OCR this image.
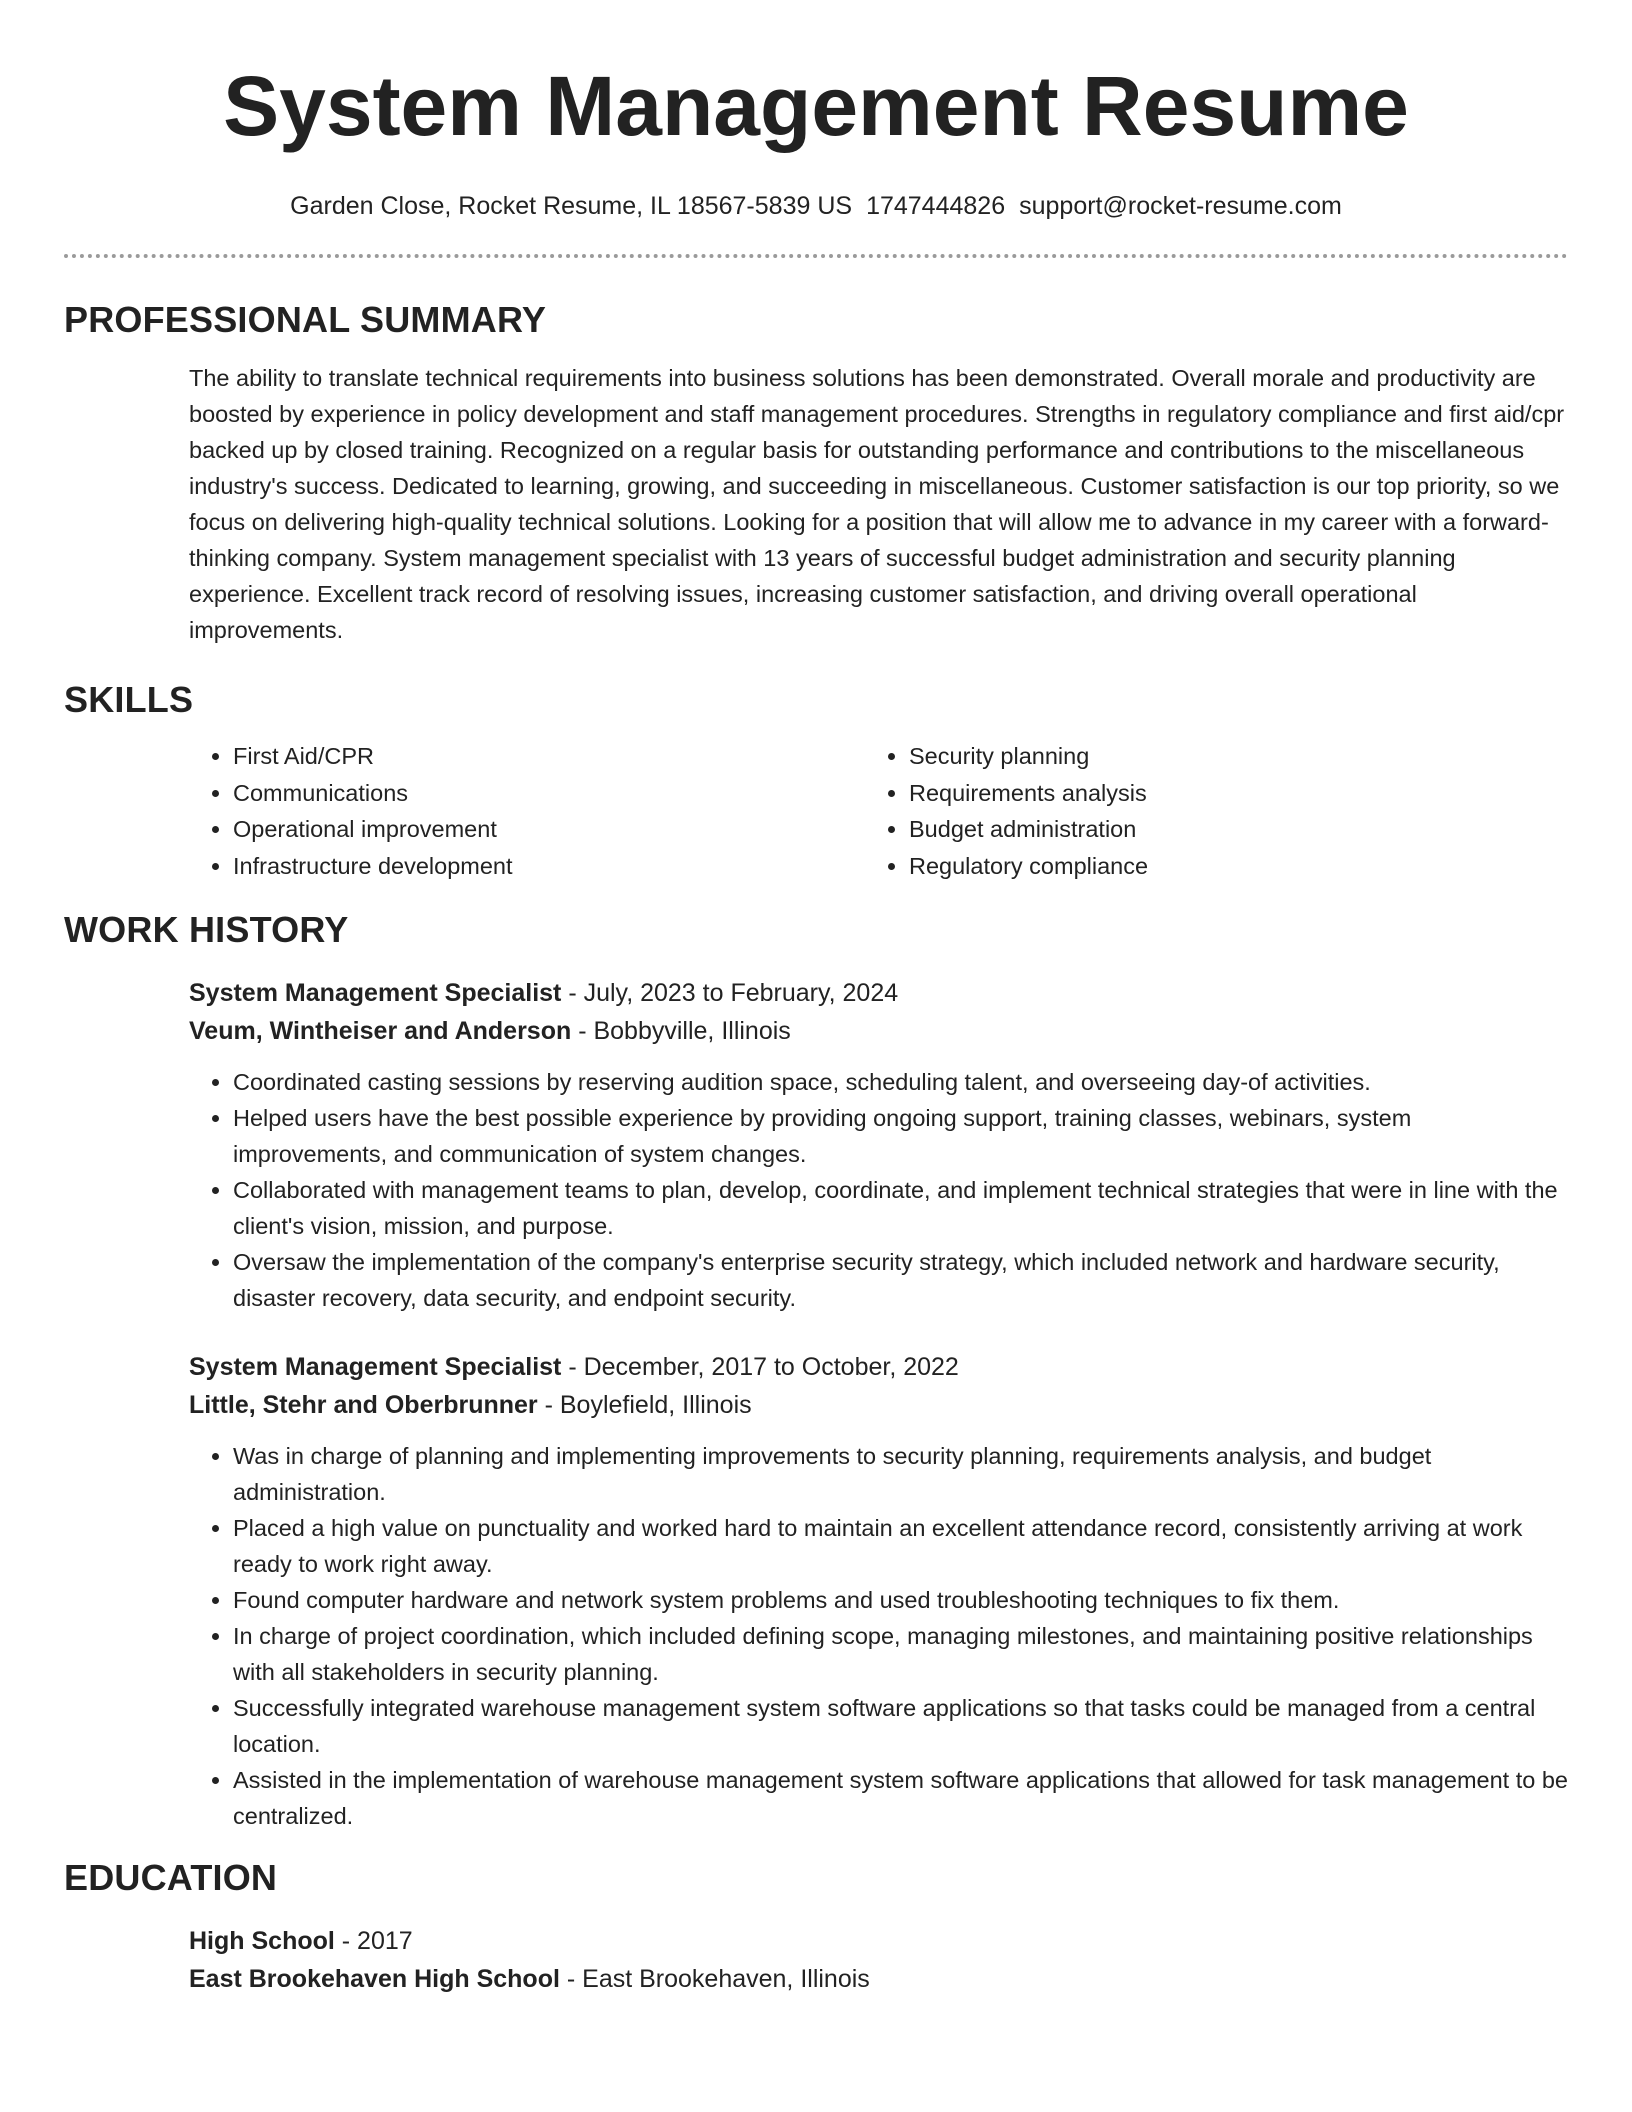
System Management Resume
Garden Close, Rocket Resume, IL 18567-5839 US 1747444826 support@rocket-resume.com
PROFESSIONAL SUMMARY
The ability to translate technical requirements into business solutions has been demonstrated. Overall morale and productivity are boosted by experience in policy development and staff management procedures. Strengths in regulatory compliance and first aid/cpr backed up by closed training. Recognized on a regular basis for outstanding performance and contributions to the miscellaneous industry's success. Dedicated to learning, growing, and succeeding in miscellaneous. Customer satisfaction is our top priority, so we focus on delivering high-quality technical solutions. Looking for a position that will allow me to advance in my career with a forward-thinking company. System management specialist with 13 years of successful budget administration and security planning experience. Excellent track record of resolving issues, increasing customer satisfaction, and driving overall operational improvements.
SKILLS
• First Aid/CPR
• Communications
• Operational improvement
• Infrastructure development
• Security planning
• Requirements analysis
• Budget administration
• Regulatory compliance
WORK HISTORY
System Management Specialist - July, 2023 to February, 2024
Veum, Wintheiser and Anderson - Bobbyville, Illinois
• Coordinated casting sessions by reserving audition space, scheduling talent, and overseeing day-of activities.
• Helped users have the best possible experience by providing ongoing support, training classes, webinars, system improvements, and communication of system changes.
• Collaborated with management teams to plan, develop, coordinate, and implement technical strategies that were in line with the client's vision, mission, and purpose.
• Oversaw the implementation of the company's enterprise security strategy, which included network and hardware security, disaster recovery, data security, and endpoint security.
System Management Specialist - December, 2017 to October, 2022
Little, Stehr and Oberbrunner - Boylefield, Illinois
• Was in charge of planning and implementing improvements to security planning, requirements analysis, and budget administration.
• Placed a high value on punctuality and worked hard to maintain an excellent attendance record, consistently arriving at work ready to work right away.
• Found computer hardware and network system problems and used troubleshooting techniques to fix them.
• In charge of project coordination, which included defining scope, managing milestones, and maintaining positive relationships with all stakeholders in security planning.
• Successfully integrated warehouse management system software applications so that tasks could be managed from a central location.
• Assisted in the implementation of warehouse management system software applications that allowed for task management to be centralized.
EDUCATION
High School - 2017
East Brookehaven High School - East Brookehaven, Illinois
